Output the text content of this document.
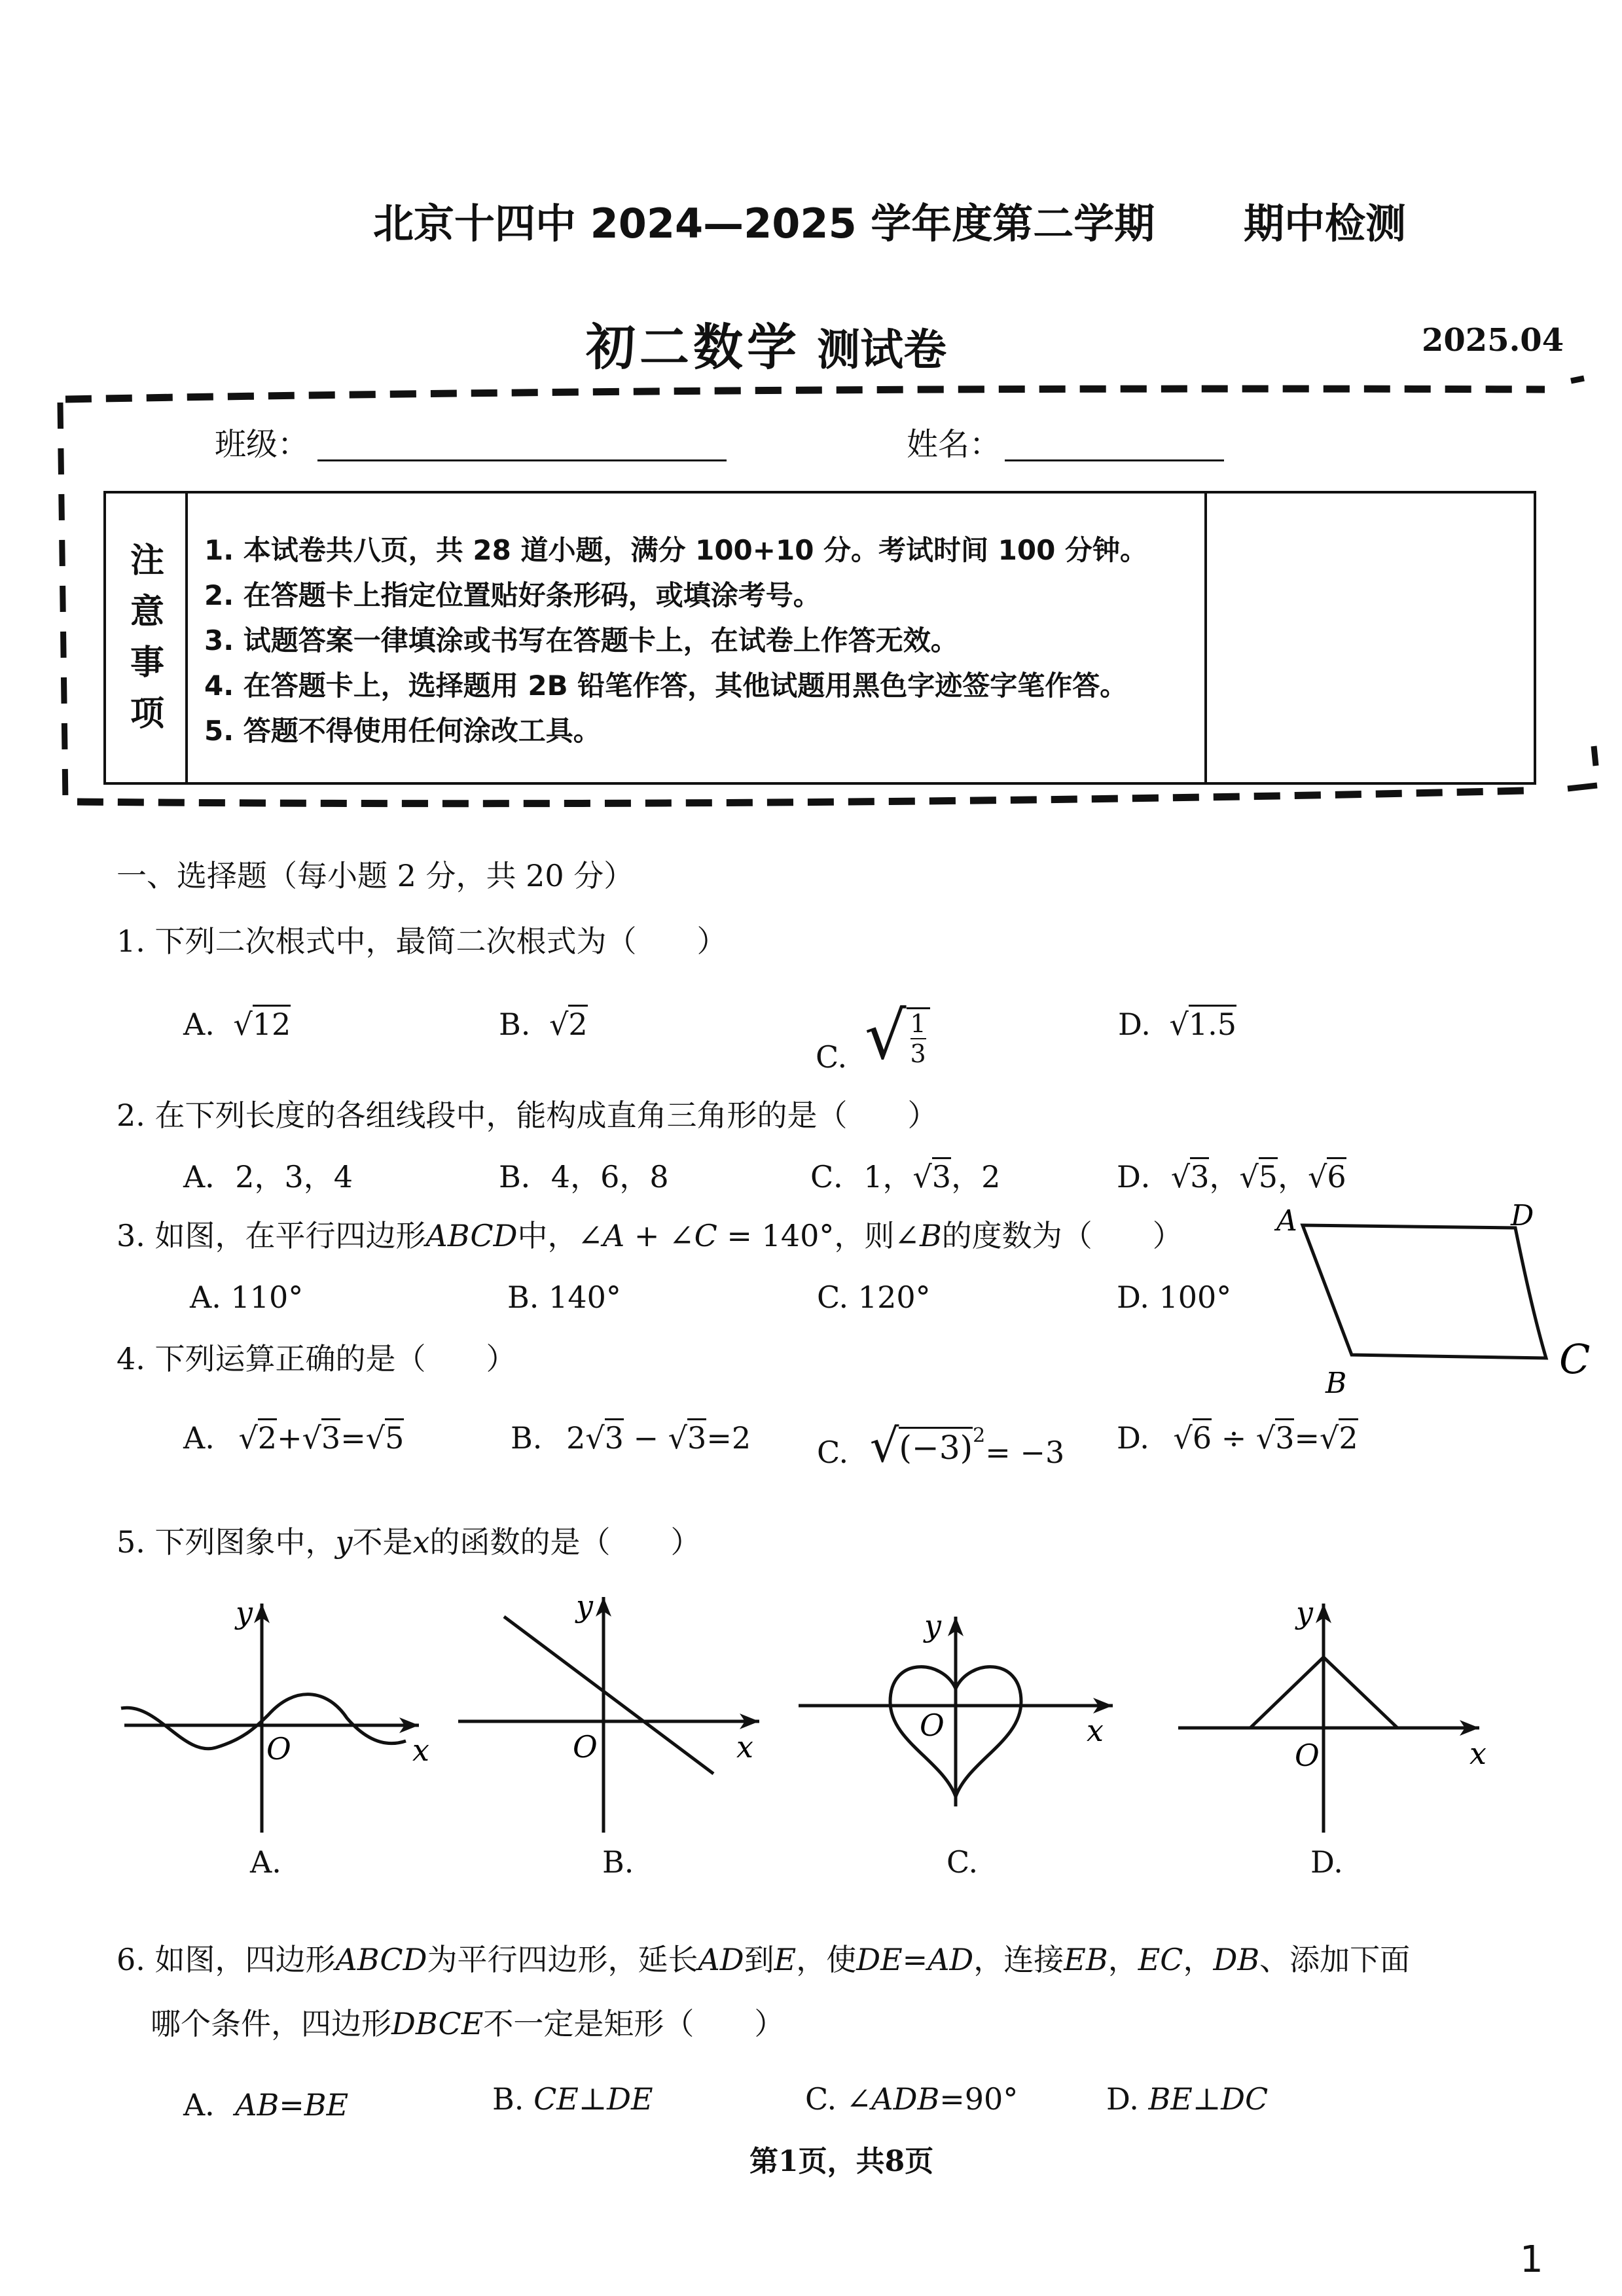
北京十四中 2024—2025 学年度第二学期 期中检测
初二数学 测试卷	2025.04
班级：	姓名：
注
意
事
项
1. 本试卷共八页，共 28 道小题，满分 100+10 分。考试时间 100 分钟。
2. 在答题卡上指定位置贴好条形码，或填涂考号。
3. 试题答案一律填涂或书写在答题卡上，在试卷上作答无效。
4. 在答题卡上，选择题用 2B 铅笔作答，其他试题用黑色字迹签字笔作答。
5. 答题不得使用任何涂改工具。
一、选择题（每小题 2 分，共 20 分）
1. 下列二次根式中，最简二次根式为（　　）
A. √12	B. √2
C. √ $\frac{1}{3}$	D. √1.5
2. 在下列长度的各组线段中，能构成直角三角形的是（　　）
A．2，3，4	B．4，6，8	C．1，√3，2	D．√3，√5，√6
3. 如图，在平行四边形ABCD中，∠A + ∠C = 140°，则∠B的度数为（　　）
A. 110°	B. 140°	C. 120°	D. 100°
A	D
B
C
4. 下列运算正确的是（　　）
A. √2+√3=√5	B. 2√3 − √3=2 C. $√(-3)^2= -3$ D. √6 ÷ √3=√2
5. 下列图象中，y不是x的函数的是（　　）
y
x
O
A.
y
x
O
B.
y
x
O
C.
y
x
O
D.
6. 如图，四边形ABCD为平行四边形，延长AD到E，使DE=AD，连接EB，EC，DB、添加下面
哪个条件，四边形DBCE不一定是矩形（　　）
A．AB=BE	B. CE⊥DE	C. ∠ADB=90°	D. BE⊥DC
第1页，共8页
1
